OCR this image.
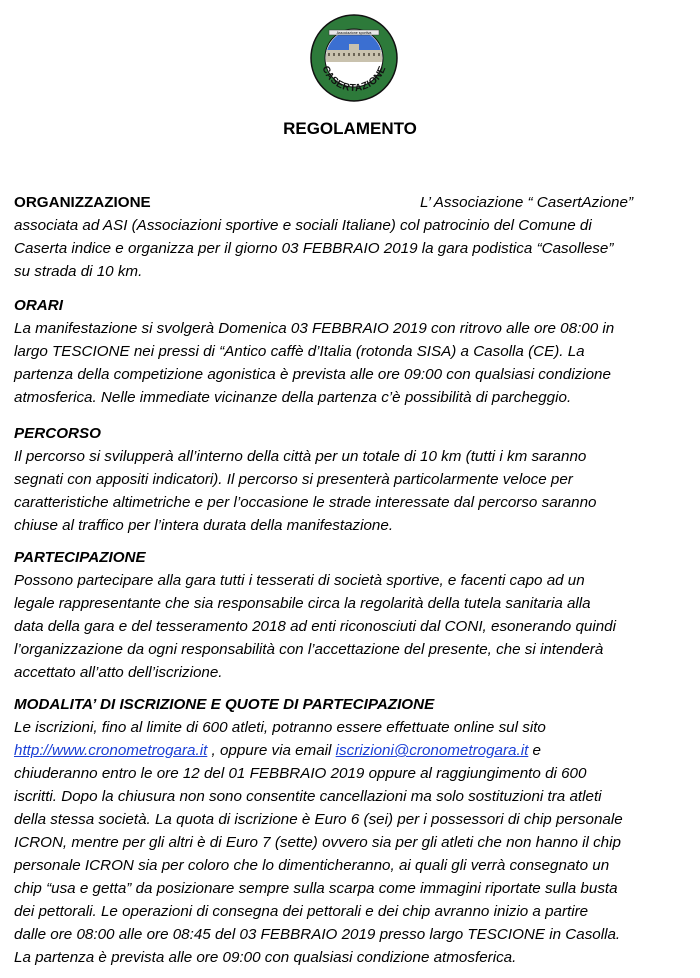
Associazione sportiva
CASERTAZIONE
REGOLAMENTO
ORGANIZZAZIONE	L’ Associazione “ CasertAzione”
associata ad ASI (Associazioni sportive e sociali Italiane) col patrocinio del Comune di
Caserta indice e organizza per il giorno 03 FEBBRAIO 2019 la gara podistica “Casollese”
su strada di 10 km.
ORARI
La manifestazione si svolgerà Domenica 03 FEBBRAIO 2019 con ritrovo alle ore 08:00 in
largo TESCIONE nei pressi di “Antico caffè d’Italia (rotonda SISA) a Casolla (CE). La
partenza della competizione agonistica è prevista alle ore 09:00 con qualsiasi condizione
atmosferica. Nelle immediate vicinanze della partenza c’è possibilità di parcheggio.
PERCORSO
Il percorso si svilupperà all’interno della città per un totale di 10 km (tutti i km saranno
segnati con appositi indicatori). Il percorso si presenterà particolarmente veloce per
caratteristiche altimetriche e per l’occasione le strade interessate dal percorso saranno
chiuse al traffico per l’intera durata della manifestazione.
PARTECIPAZIONE
Possono partecipare alla gara tutti i tesserati di società sportive, e facenti capo ad un
legale rappresentante che sia responsabile circa la regolarità della tutela sanitaria alla
data della gara e del tesseramento 2018 ad enti riconosciuti dal CONI, esonerando quindi
l’organizzazione da ogni responsabilità con l’accettazione del presente, che si intenderà
accettato all’atto dell’iscrizione.
MODALITA’ DI ISCRIZIONE E QUOTE DI PARTECIPAZIONE
Le iscrizioni, fino al limite di 600 atleti, potranno essere effettuate online sul sito
http://www.cronometrogara.it , oppure via email iscrizioni@cronometrogara.it e
chiuderanno entro le ore 12 del 01 FEBBRAIO 2019 oppure al raggiungimento di 600
iscritti. Dopo la chiusura non sono consentite cancellazioni ma solo sostituzioni tra atleti
della stessa società. La quota di iscrizione è Euro 6 (sei) per i possessori di chip personale
ICRON, mentre per gli altri è di Euro 7 (sette) ovvero sia per gli atleti che non hanno il chip
personale ICRON sia per coloro che lo dimenticheranno, ai quali gli verrà consegnato un
chip “usa e getta” da posizionare sempre sulla scarpa come immagini riportate sulla busta
dei pettorali. Le operazioni di consegna dei pettorali e dei chip avranno inizio a partire
dalle ore 08:00 alle ore 08:45 del 03 FEBBRAIO 2019 presso largo TESCIONE in Casolla.
La partenza è prevista alle ore 09:00 con qualsiasi condizione atmosferica.
